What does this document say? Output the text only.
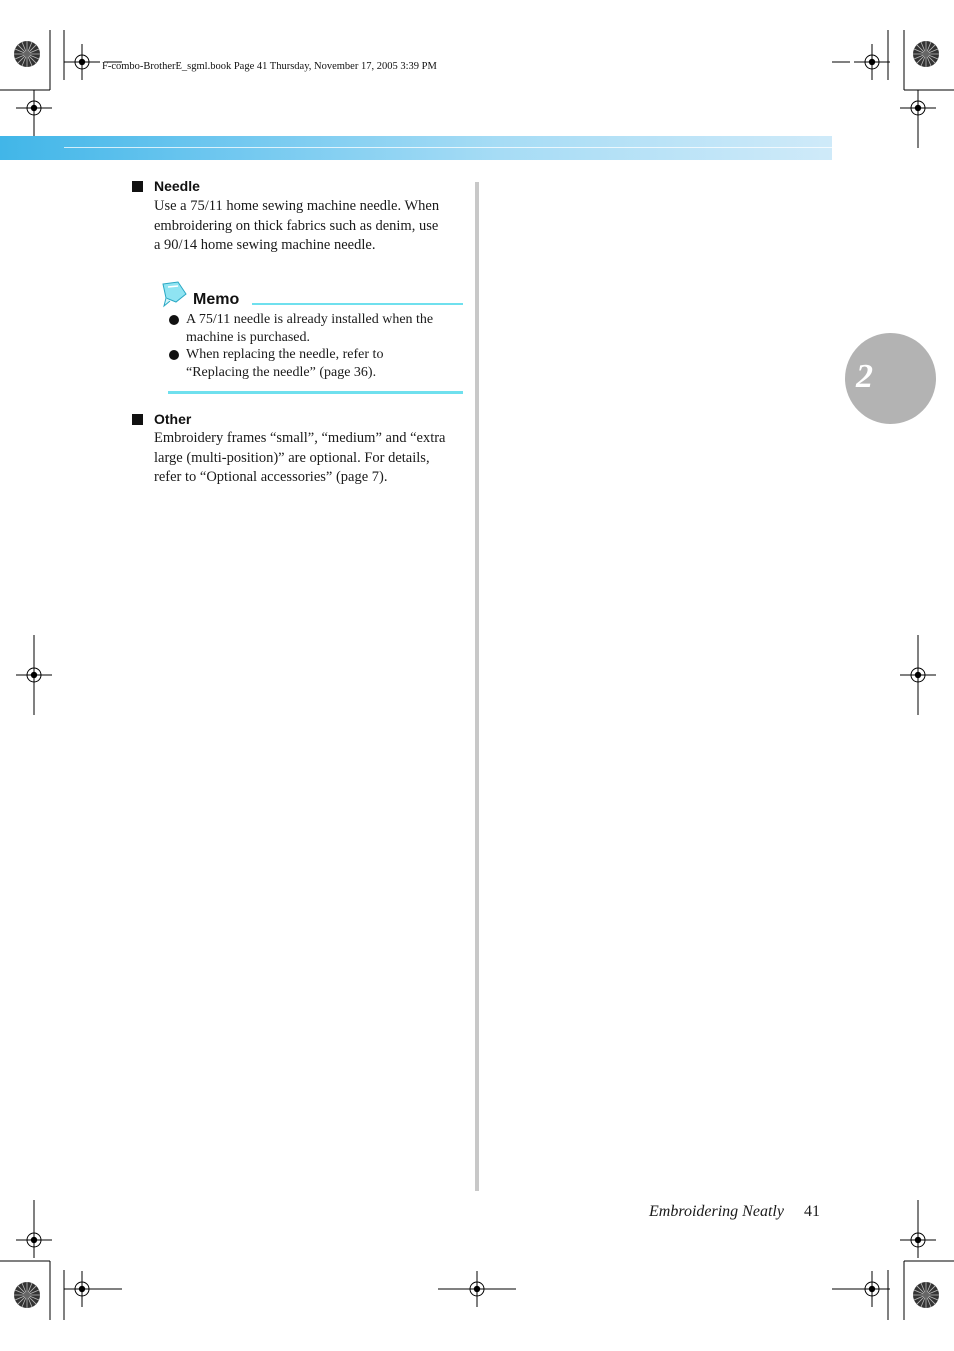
F-combo-BrotherE_sgml.book Page 41 Thursday, November 17, 2005 3:39 PM
Needle
Use a 75/11 home sewing machine needle. When
embroidering on thick fabrics such as denim, use
a 90/14 home sewing machine needle.
Memo
A 75/11 needle is already installed when the
machine is purchased.
When replacing the needle, refer to
“Replacing the needle” (page 36).
Other
Embroidery frames “small”, “medium” and “extra
large (multi-position)” are optional. For details,
refer to “Optional accessories” (page 7).
2
Embroidering Neatly 41
